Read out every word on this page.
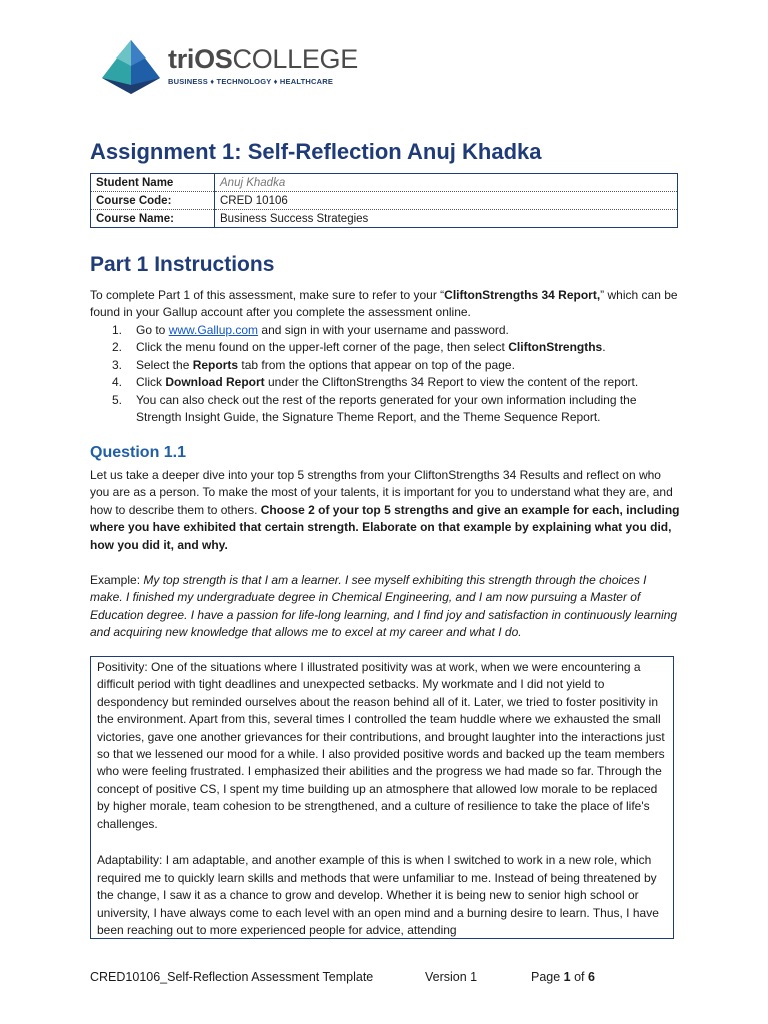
triOSCOLLEGE
BUSINESS ♦ TECHNOLOGY ♦ HEALTHCARE
Assignment 1: Self-Reflection Anuj Khadka
Student Name	Anuj Khadka
Course Code:	CRED 10106
Course Name:	Business Success Strategies
Part 1 Instructions
To complete Part 1 of this assessment, make sure to refer to your “CliftonStrengths 34 Report,” which can be found in your Gallup account after you complete the assessment online.
1. Go to www.Gallup.com and sign in with your username and password.
2. Click the menu found on the upper-left corner of the page, then select CliftonStrengths.
3. Select the Reports tab from the options that appear on top of the page.
4. Click Download Report under the CliftonStrengths 34 Report to view the content of the report.
5. You can also check out the rest of the reports generated for your own information including the Strength Insight Guide, the Signature Theme Report, and the Theme Sequence Report.
Question 1.1
Let us take a deeper dive into your top 5 strengths from your CliftonStrengths 34 Results and reflect on who you are as a person. To make the most of your talents, it is important for you to understand what they are, and how to describe them to others. Choose 2 of your top 5 strengths and give an example for each, including where you have exhibited that certain strength. Elaborate on that example by explaining what you did, how you did it, and why.
Example: My top strength is that I am a learner. I see myself exhibiting this strength through the choices I make. I finished my undergraduate degree in Chemical Engineering, and I am now pursuing a Master of Education degree. I have a passion for life-long learning, and I find joy and satisfaction in continuously learning and acquiring new knowledge that allows me to excel at my career and what I do.

Positivity: One of the situations where I illustrated positivity was at work, when we were encountering a difficult period with tight deadlines and unexpected setbacks. My workmate and I did not yield to despondency but reminded ourselves about the reason behind all of it. Later, we tried to foster positivity in the environment. Apart from this, several times I controlled the team huddle where we exhausted the small victories, gave one another grievances for their contributions, and brought laughter into the interactions just so that we lessened our mood for a while. I also provided positive words and backed up the team members who were feeling frustrated. I emphasized their abilities and the progress we had made so far. Through the concept of positive CS, I spent my time building up an atmosphere that allowed low morale to be replaced by higher morale, team cohesion to be strengthened, and a culture of resilience to take the place of life's challenges.

Adaptability: I am adaptable, and another example of this is when I switched to work in a new role, which required me to quickly learn skills and methods that were unfamiliar to me. Instead of being threatened by the change, I saw it as a chance to grow and develop. Whether it is being new to senior high school or university, I have always come to each level with an open mind and a burning desire to learn. Thus, I have been reaching out to more experienced people for advice, attending

CRED10106_Self-Reflection Assessment Template	Version 1	Page 1 of 6
